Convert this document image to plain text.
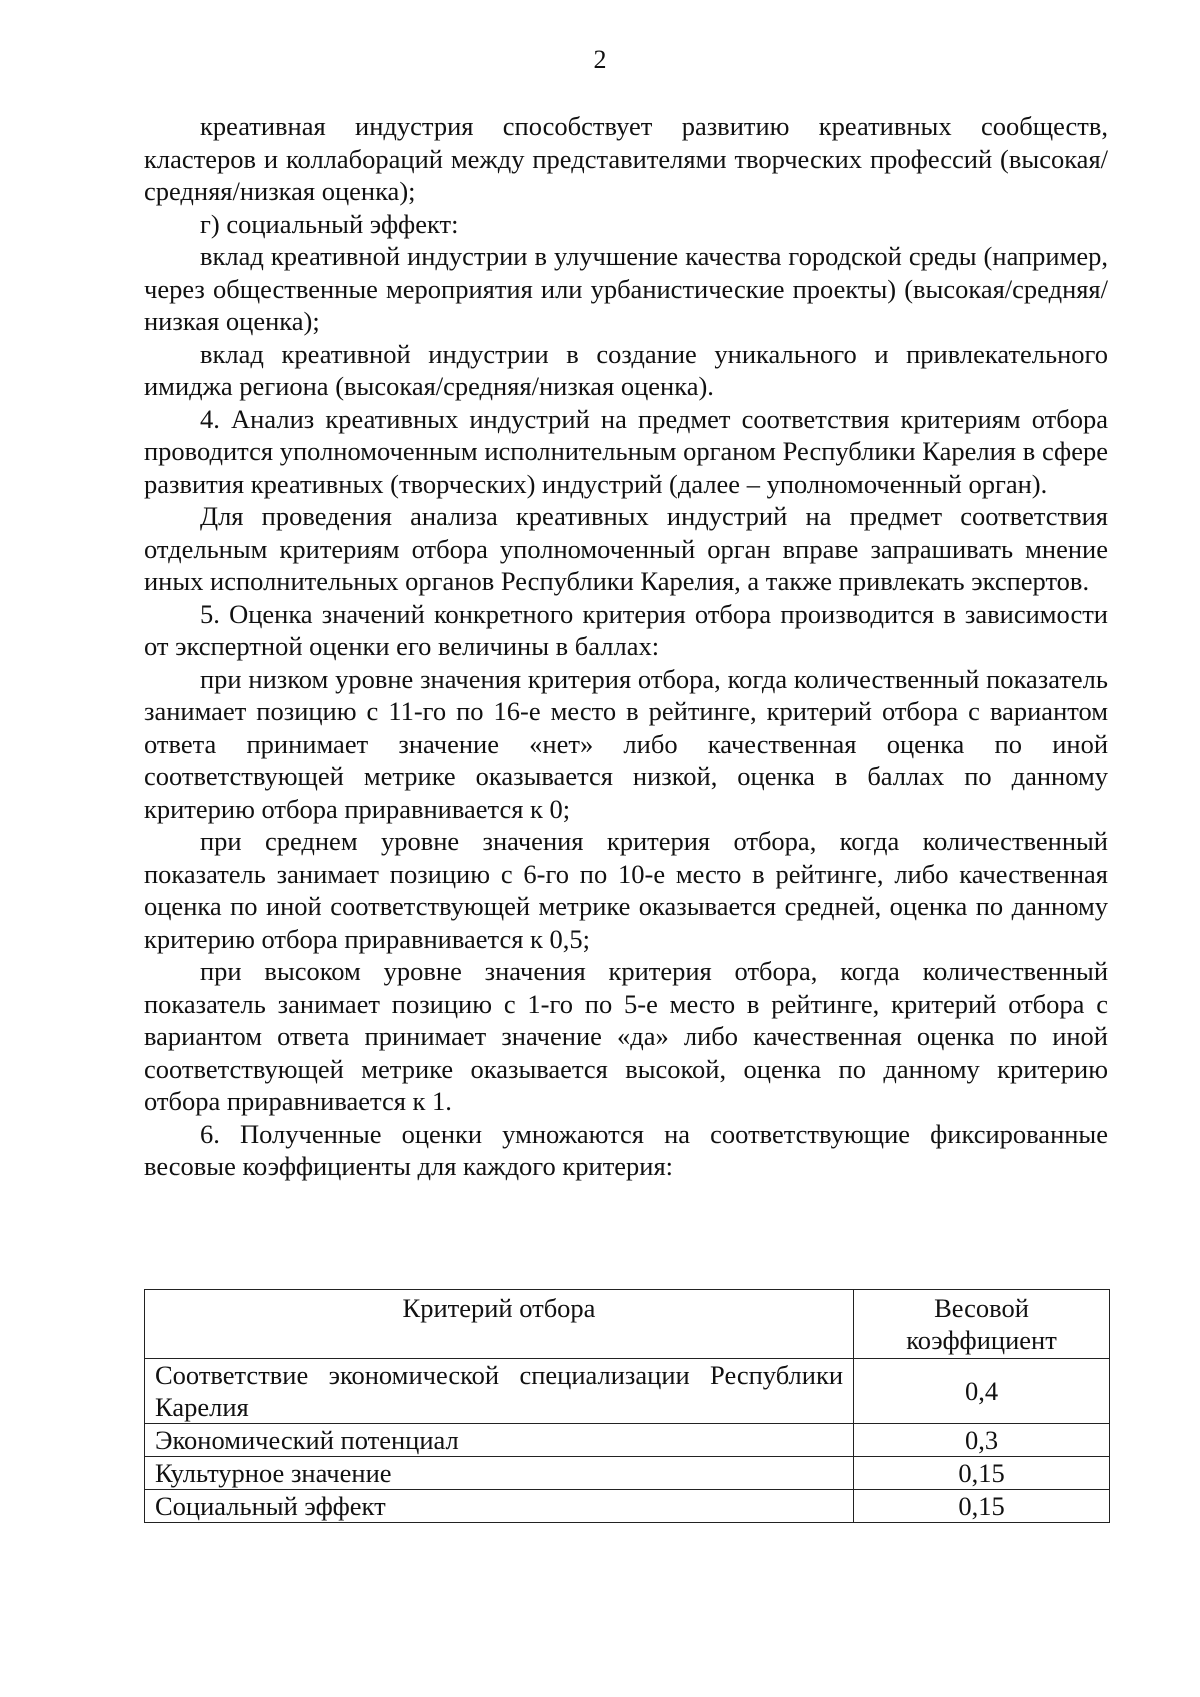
2

креативная индустрия способствует развитию креативных сообществ, кластеров и коллабораций между представителями творческих профессий (высокая/средняя/низкая оценка);

г) социальный эффект:

вклад креативной индустрии в улучшение качества городской среды (например, через общественные мероприятия или урбанистические проекты) (высокая/средняя/низкая оценка);

вклад креативной индустрии в создание уникального и привлекательного имиджа региона (высокая/средняя/низкая оценка).

4. Анализ креативных индустрий на предмет соответствия критериям отбора проводится уполномоченным исполнительным органом Республики Карелия в сфере развития креативных (творческих) индустрий (далее – уполномоченный орган).

Для проведения анализа креативных индустрий на предмет соответствия отдельным критериям отбора уполномоченный орган вправе запрашивать мнение иных исполнительных органов Республики Карелия, а также привлекать экспертов.

5. Оценка значений конкретного критерия отбора производится в зависимости от экспертной оценки его величины в баллах:

при низком уровне значения критерия отбора, когда количественный показатель занимает позицию с 11-го по 16-е место в рейтинге, критерий отбора с вариантом ответа принимает значение «нет» либо качественная оценка по иной соответствующей метрике оказывается низкой, оценка в баллах по данному критерию отбора приравнивается к 0;

при среднем уровне значения критерия отбора, когда количественный показатель занимает позицию с 6-го по 10-е место в рейтинге, либо качественная оценка по иной соответствующей метрике оказывается средней, оценка по данному критерию отбора приравнивается к 0,5;

при высоком уровне значения критерия отбора, когда количественный показатель занимает позицию с 1-го по 5-е место в рейтинге, критерий отбора с вариантом ответа принимает значение «да» либо качественная оценка по иной соответствующей метрике оказывается высокой, оценка по данному критерию отбора приравнивается к 1.

6. Полученные оценки умножаются на соответствующие фиксированные весовые коэффициенты для каждого критерия:

Критерий отбора	Весовой коэффициент
Соответствие экономической специализации Республики Карелия	0,4
Экономический потенциал	0,3
Культурное значение	0,15
Социальный эффект	0,15
